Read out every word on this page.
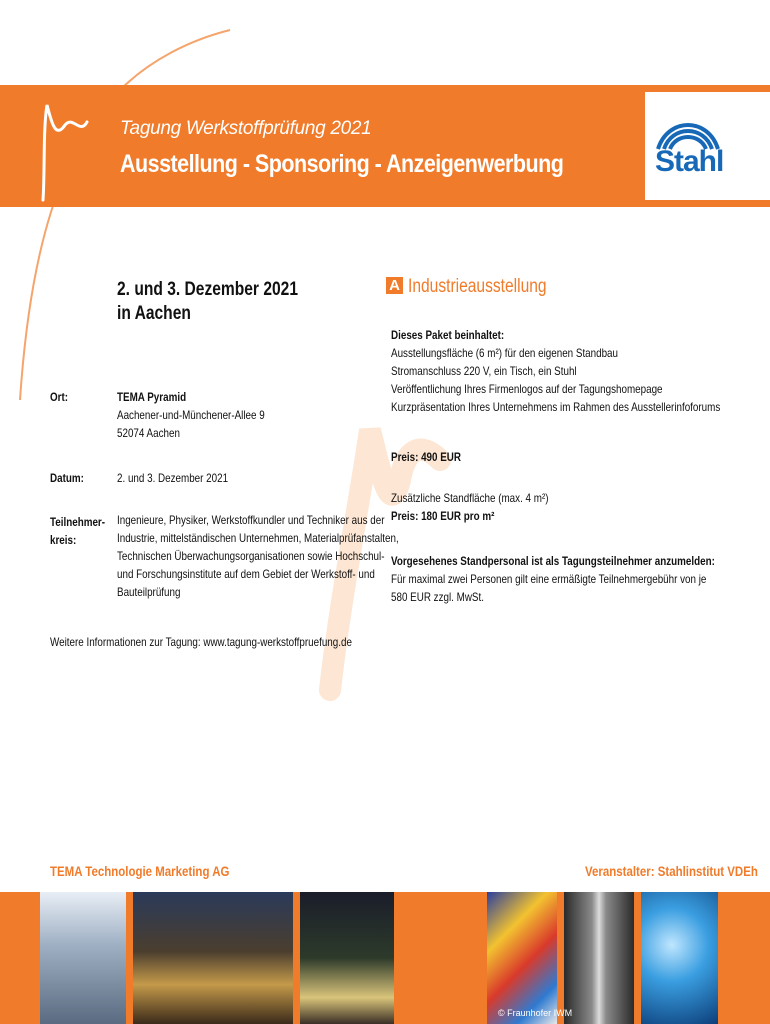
Tagung Werkstoffprüfung 2021
Ausstellung - Sponsoring - Anzeigenwerbung	Stahl
2. und 3. Dezember 2021
in Aachen
Ort:	TEMA Pyramid
Aachener-und-Münchener-Allee 9
52074 Aachen
Datum:	2. und 3. Dezember 2021
Teilnehmer-
kreis:
Ingenieure, Physiker, Werkstoffkundler und Techniker aus der
Industrie, mittelständischen Unternehmen, Materialprüfanstalten,
Technischen Überwachungsorganisationen sowie Hochschul-
und Forschungsinstitute auf dem Gebiet der Werkstoff- und
Bauteilprüfung
Weitere Informationen zur Tagung: www.tagung-werkstoffpruefung.de
A Industrieausstellung
Dieses Paket beinhaltet:
Ausstellungsfläche (6 m²) für den eigenen Standbau
Stromanschluss 220 V, ein Tisch, ein Stuhl
Veröffentlichung Ihres Firmenlogos auf der Tagungshomepage
Kurzpräsentation Ihres Unternehmens im Rahmen des Ausstellerinfoforums
Preis: 490 EUR
Zusätzliche Standfläche (max. 4 m²)
Preis: 180 EUR pro m²
Vorgesehenes Standpersonal ist als Tagungsteilnehmer anzumelden:
Für maximal zwei Personen gilt eine ermäßigte Teilnehmergebühr von je
580 EUR zzgl. MwSt.
TEMA Technologie Marketing AG	Veranstalter: Stahlinstitut VDEh
© Fraunhofer IWM
